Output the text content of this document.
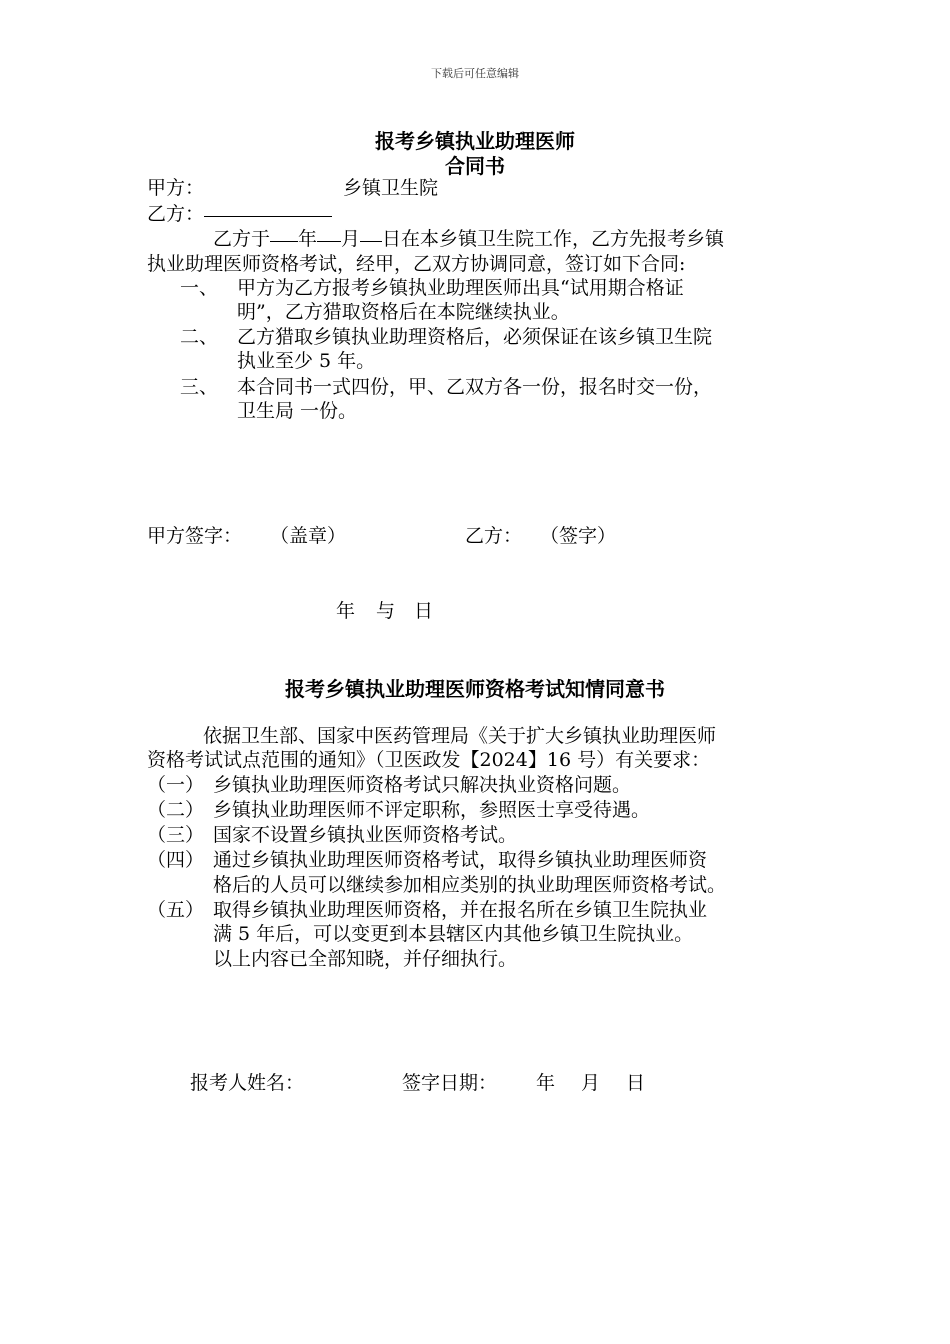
下载后可任意编辑
报考乡镇执业助理医师
合同书
甲方：	乡镇卫生院
乙方：
乙方于 年 月 日在本乡镇卫生院工作，乙方先报考乡镇
执业助理医师资格考试，经甲，乙双方协调同意，签订如下合同:
一、 甲方为乙方报考乡镇执业助理医师出具“试用期合格证
明”，乙方猎取资格后在本院继续执业。
二、 乙方猎取乡镇执业助理资格后，必须保证在该乡镇卫生院
执业至少 5 年。
三、 本合同书一式四份，甲、乙双方各一份，报名时交一份，
卫生局 一份。
甲方签字： （盖章）	乙方： （签字）
年 与 日
报考乡镇执业助理医师资格考试知情同意书
依据卫生部、国家中医药管理局《关于扩大乡镇执业助理医师
资格考试试点范围的通知》（卫医政发【2024】16 号）有关要求：
（一） 乡镇执业助理医师资格考试只解决执业资格问题。
（二） 乡镇执业助理医师不评定职称，参照医士享受待遇。
（三） 国家不设置乡镇执业医师资格考试。
（四） 通过乡镇执业助理医师资格考试，取得乡镇执业助理医师资
格后的人员可以继续参加相应类别的执业助理医师资格考试。
（五） 取得乡镇执业助理医师资格，并在报名所在乡镇卫生院执业
满 5 年后，可以变更到本县辖区内其他乡镇卫生院执业。
以上内容已全部知晓，并仔细执行。
报考人姓名：	签字日期： 年 月 日
